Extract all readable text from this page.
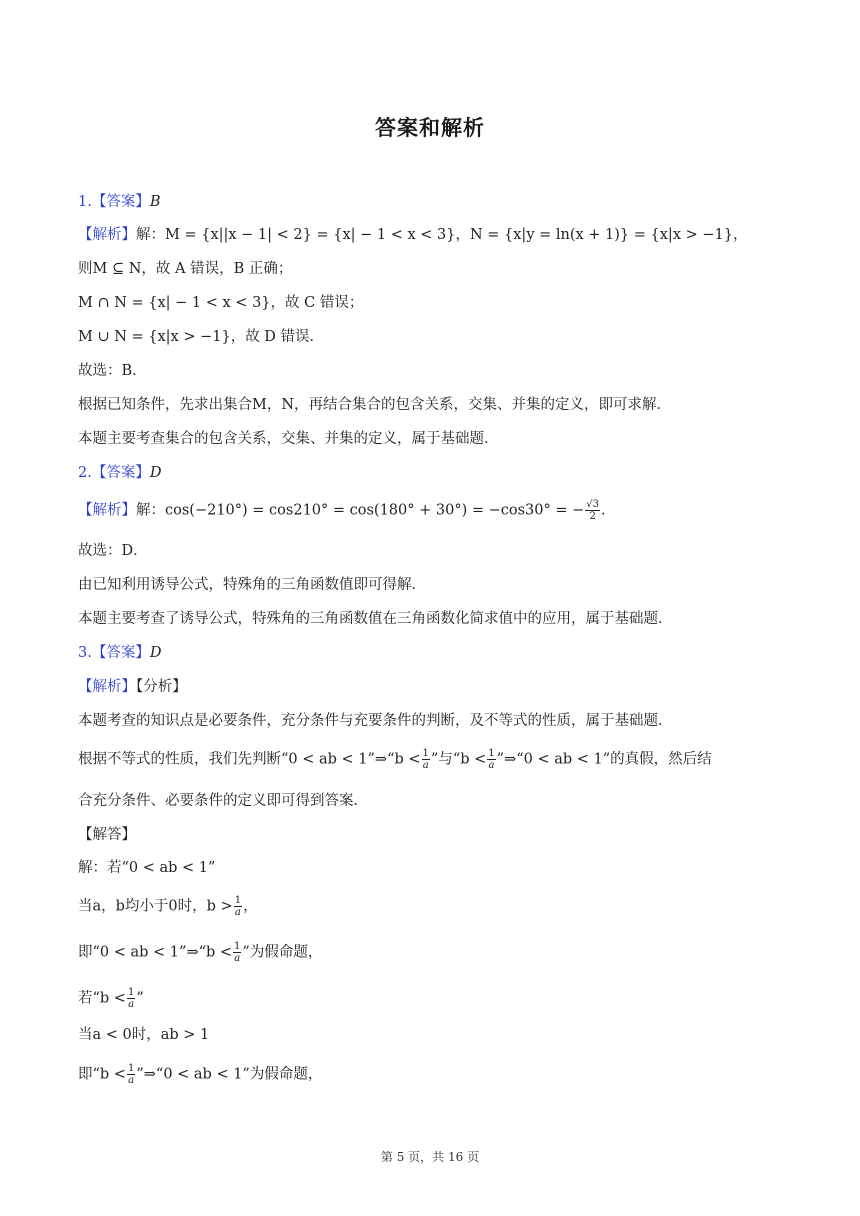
答案和解析
1.【答案】B
【解析】解：M = {x||x − 1| < 2} = {x| − 1 < x < 3}，N = {x|y = ln(x + 1)} = {x|x > −1}，
则M ⊆ N，故 A 错误，B 正确；
M ∩ N = {x| − 1 < x < 3}，故 C 错误；
M ∪ N = {x|x > −1}，故 D 错误．
故选：B．
根据已知条件，先求出集合M，N，再结合集合的包含关系，交集、并集的定义，即可求解．
本题主要考查集合的包含关系，交集、并集的定义，属于基础题．
2.【答案】D
【解析】解：cos(−210°) = cos210° = cos(180° + 30°) = −cos30° = − $\frac{√3}{2}$ .
故选：D．
由已知利用诱导公式，特殊角的三角函数值即可得解．
本题主要考查了诱导公式，特殊角的三角函数值在三角函数化简求值中的应用，属于基础题．
3.【答案】D
【解析】【分析】
本题考查的知识点是必要条件，充分条件与充要条件的判断，及不等式的性质，属于基础题．
根据不等式的性质，我们先判断“0 < ab < 1”⇒“b < $\frac{1}{a}$ ”与“$b < \frac{1}{a}$ ”⇒“0 < ab < 1”的真假，然后结
合充分条件、必要条件的定义即可得到答案．
【解答】
解：若“0 < ab < 1”
当a，b均小于0时，$b > \frac{1}{a}$ ，
即“0 < ab < 1”⇒“b < $\frac{1}{a}$ ”为假命题，
若“$b < \frac{1}{a}$ ”
当a < 0时，ab > 1
即“$b < \frac{1}{a}$ ”⇒“0 < ab < 1”为假命题，
第 5 页，共 16 页
